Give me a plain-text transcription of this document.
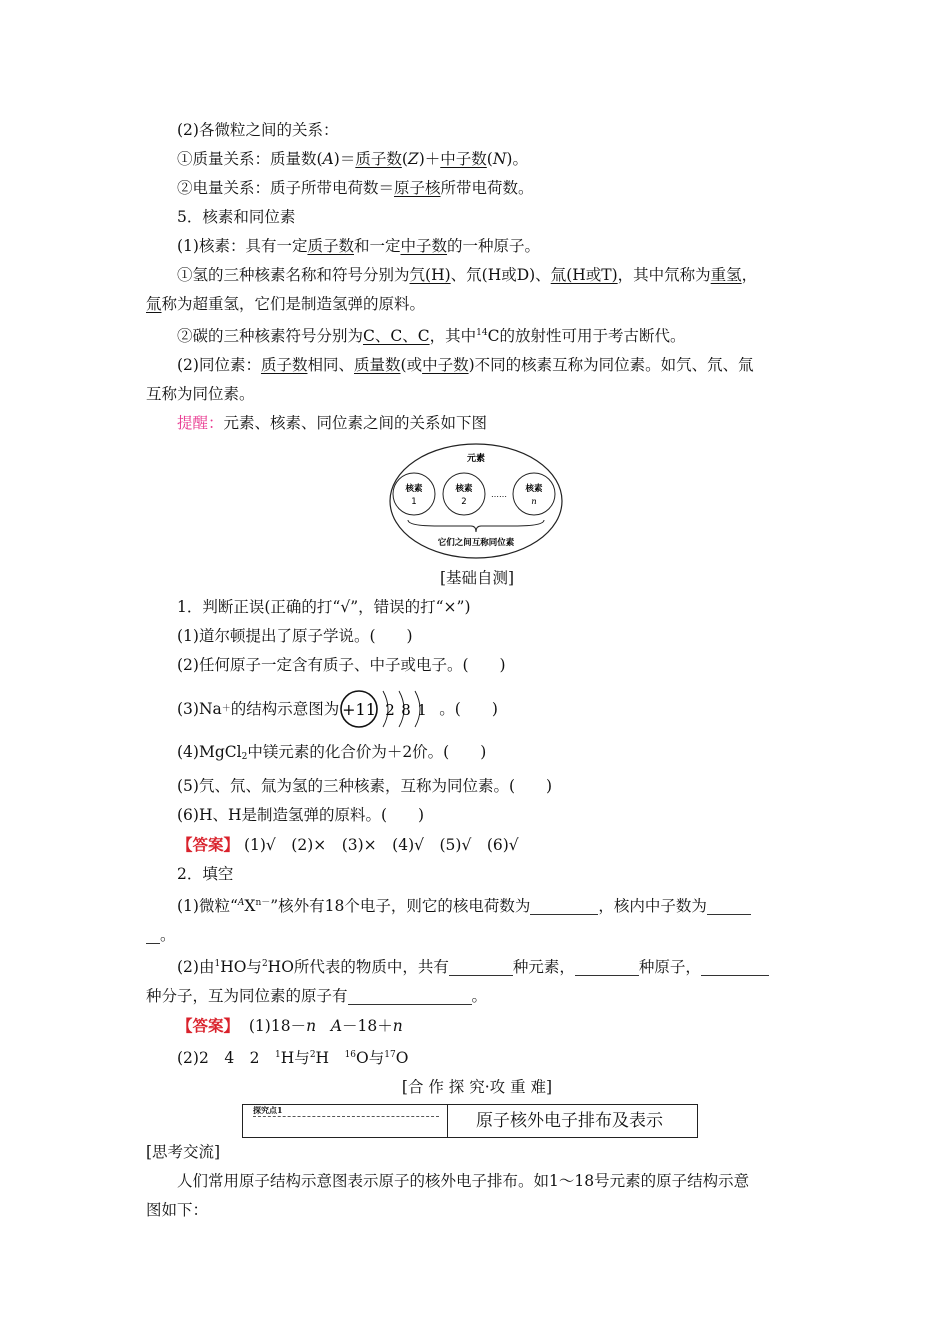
(2)各微粒之间的关系：
①质量关系：质量数(A)＝质子数(Z)＋中子数(N)。
②电量关系：质子所带电荷数＝原子核所带电荷数。
5．核素和同位素
(1)核素：具有一定质子数和一定中子数的一种原子。
①氢的三种核素名称和符号分别为氕(H)、氘(H或D)、氚(H或T)，其中氘称为重氢，
氚称为超重氢，它们是制造氢弹的原料。
②碳的三种核素符号分别为C、C、C，其中$^{14}$C的放射性可用于考古断代。
(2)同位素：质子数相同、质量数(或中子数)不同的核素互称为同位素。如氕、氘、氚
互称为同位素。
提醒：元素、核素、同位素之间的关系如下图
元素
核素
1
核素
2
……
核素
n
它们之间互称同位素
[基础自测]
1．判断正误(正确的打“√”，错误的打“×”)
(1)道尔顿提出了原子学说。(　　)
(2)任何原子一定含有质子、中子或电子。(　　)
(3)Na ＋ 的结构示意图为 +11 2 8 1 。(　　)
(4)MgCl$_2$中镁元素的化合价为＋2价。(　　)
(5)氕、氘、氚为氢的三种核素，互称为同位素。(　　)
(6)H、H是制造氢弹的原料。(　　)
【答案】 (1)√　(2)×　(3)×　(4)√　(5)√　(6)√
2．填空
(1)微粒“$^AX^{n-}$”核外有18个电子，则它的核电荷数为	，核内中子数为
。
(2)由$^1$HO与$^2$HO所代表的物质中，共有	种元素，	种原子，
种分子，互为同位素的原子有	。
【答案】 (1)18－n A－18＋n
(2)2　4　2　$^1$H与$^2$H　$^{16}$O与$^{17}$O
[合 作 探 究·攻 重 难]
探究点1
原子核外电子排布及表示
[思考交流]
人们常用原子结构示意图表示原子的核外电子排布。如1～18号元素的原子结构示意
图如下：
